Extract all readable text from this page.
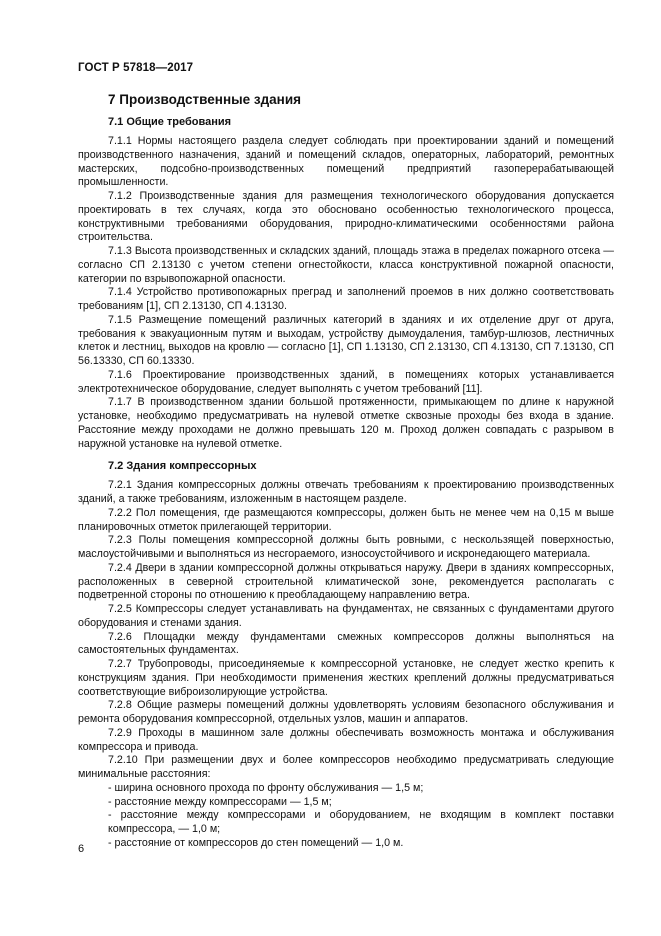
ГОСТ Р 57818—2017
7 Производственные здания
7.1 Общие требования

7.1.1 Нормы настоящего раздела следует соблюдать при проектировании зданий и помещений производственного назначения, зданий и помещений складов, операторных, лабораторий, ремонтных мастерских, подсобно-производственных помещений предприятий газоперерабатывающей промышленности.

7.1.2 Производственные здания для размещения технологического оборудования допускается проектировать в тех случаях, когда это обосновано особенностью технологического процесса, конструктивными требованиями оборудования, природно-климатическими особенностями района строительства.

7.1.3 Высота производственных и складских зданий, площадь этажа в пределах пожарного отсека — согласно СП 2.13130 с учетом степени огнестойкости, класса конструктивной пожарной опасности, категории по взрывопожарной опасности.

7.1.4 Устройство противопожарных преград и заполнений проемов в них должно соответствовать требованиям [1], СП 2.13130, СП 4.13130.

7.1.5 Размещение помещений различных категорий в зданиях и их отделение друг от друга, требования к эвакуационным путям и выходам, устройству дымоудаления, тамбур-шлюзов, лестничных клеток и лестниц, выходов на кровлю — согласно [1], СП 1.13130, СП 2.13130, СП 4.13130, СП 7.13130, СП 56.13330, СП 60.13330.

7.1.6 Проектирование производственных зданий, в помещениях которых устанавливается электротехническое оборудование, следует выполнять с учетом требований [11].

7.1.7 В производственном здании большой протяженности, примыкающем по длине к наружной установке, необходимо предусматривать на нулевой отметке сквозные проходы без входа в здание. Расстояние между проходами не должно превышать 120 м. Проход должен совпадать с разрывом в наружной установке на нулевой отметке.

7.2 Здания компрессорных

7.2.1 Здания компрессорных должны отвечать требованиям к проектированию производственных зданий, а также требованиям, изложенным в настоящем разделе.

7.2.2 Пол помещения, где размещаются компрессоры, должен быть не менее чем на 0,15 м выше планировочных отметок прилегающей территории.

7.2.3 Полы помещения компрессорной должны быть ровными, с нескользящей поверхностью, маслоустойчивыми и выполняться из несгораемого, износоустойчивого и искронедающего материала.

7.2.4 Двери в здании компрессорной должны открываться наружу. Двери в зданиях компрессорных, расположенных в северной строительной климатической зоне, рекомендуется располагать с подветренной стороны по отношению к преобладающему направлению ветра.

7.2.5 Компрессоры следует устанавливать на фундаментах, не связанных с фундаментами другого оборудования и стенами здания.

7.2.6 Площадки между фундаментами смежных компрессоров должны выполняться на самостоятельных фундаментах.

7.2.7 Трубопроводы, присоединяемые к компрессорной установке, не следует жестко крепить к конструкциям здания. При необходимости применения жестких креплений должны предусматриваться соответствующие виброизолирующие устройства.

7.2.8 Общие размеры помещений должны удовлетворять условиям безопасного обслуживания и ремонта оборудования компрессорной, отдельных узлов, машин и аппаратов.

7.2.9 Проходы в машинном зале должны обеспечивать возможность монтажа и обслуживания компрессора и привода.

7.2.10 При размещении двух и более компрессоров необходимо предусматривать следующие минимальные расстояния:

- ширина основного прохода по фронту обслуживания — 1,5 м;

- расстояние между компрессорами — 1,5 м;

- расстояние между компрессорами и оборудованием, не входящим в комплект поставки компрессора, — 1,0 м;

- расстояние от компрессоров до стен помещений — 1,0 м.

6
